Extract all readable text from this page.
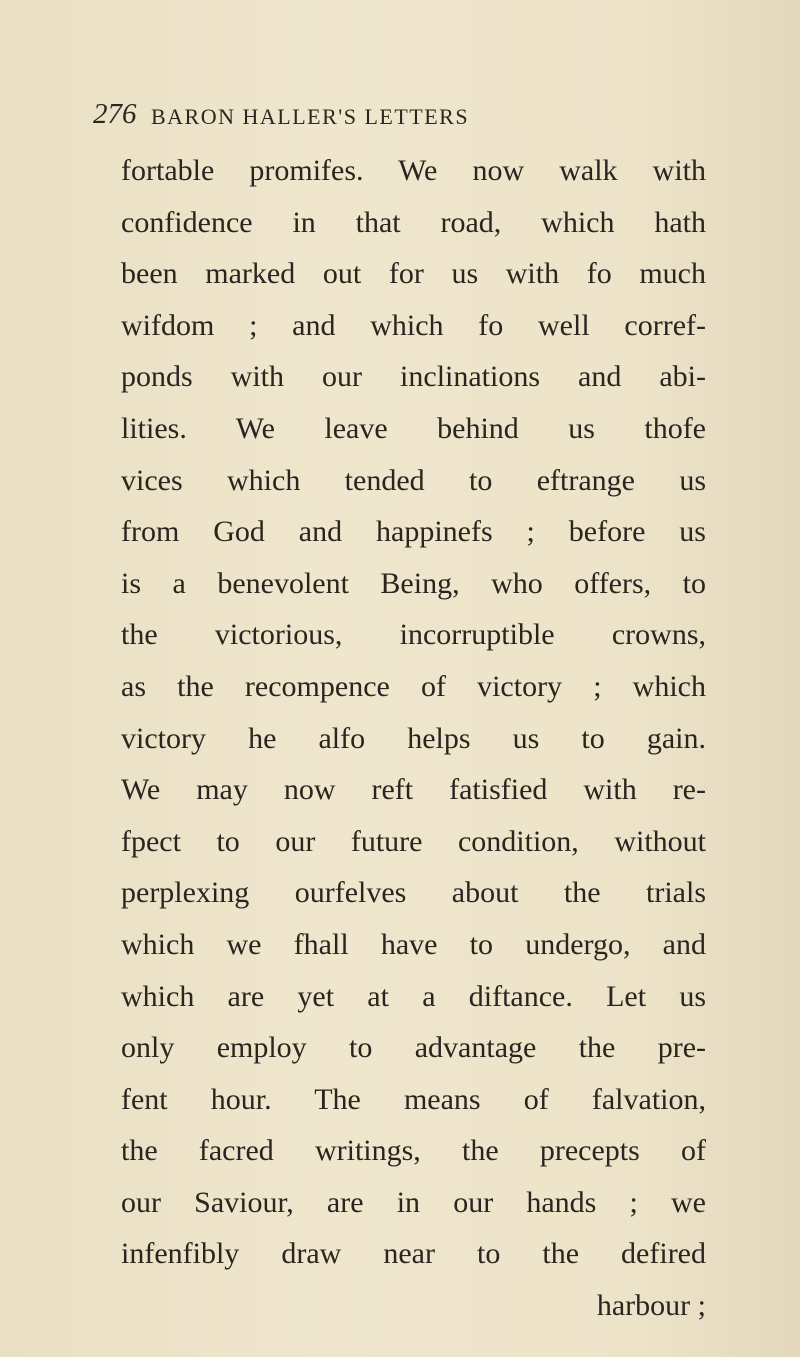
276 BARON HALLER'S LETTERS
fortable promifes. We now walk with
confidence in that road, which hath
been marked out for us with fo much
wifdom ; and which fo well corref-
ponds with our inclinations and abi-
lities. We leave behind us thofe
vices which tended to eftrange us
from God and happinefs ; before us
is a benevolent Being, who offers, to
the victorious, incorruptible crowns,
as the recompence of victory ; which
victory he alfo helps us to gain.
We may now reft fatisfied with re-
fpect to our future condition, without
perplexing ourfelves about the trials
which we fhall have to undergo, and
which are yet at a diftance. Let us
only employ to advantage the pre-
fent hour. The means of falvation,
the facred writings, the precepts of
our Saviour, are in our hands ; we
infenfibly draw near to the defired
harbour ;
